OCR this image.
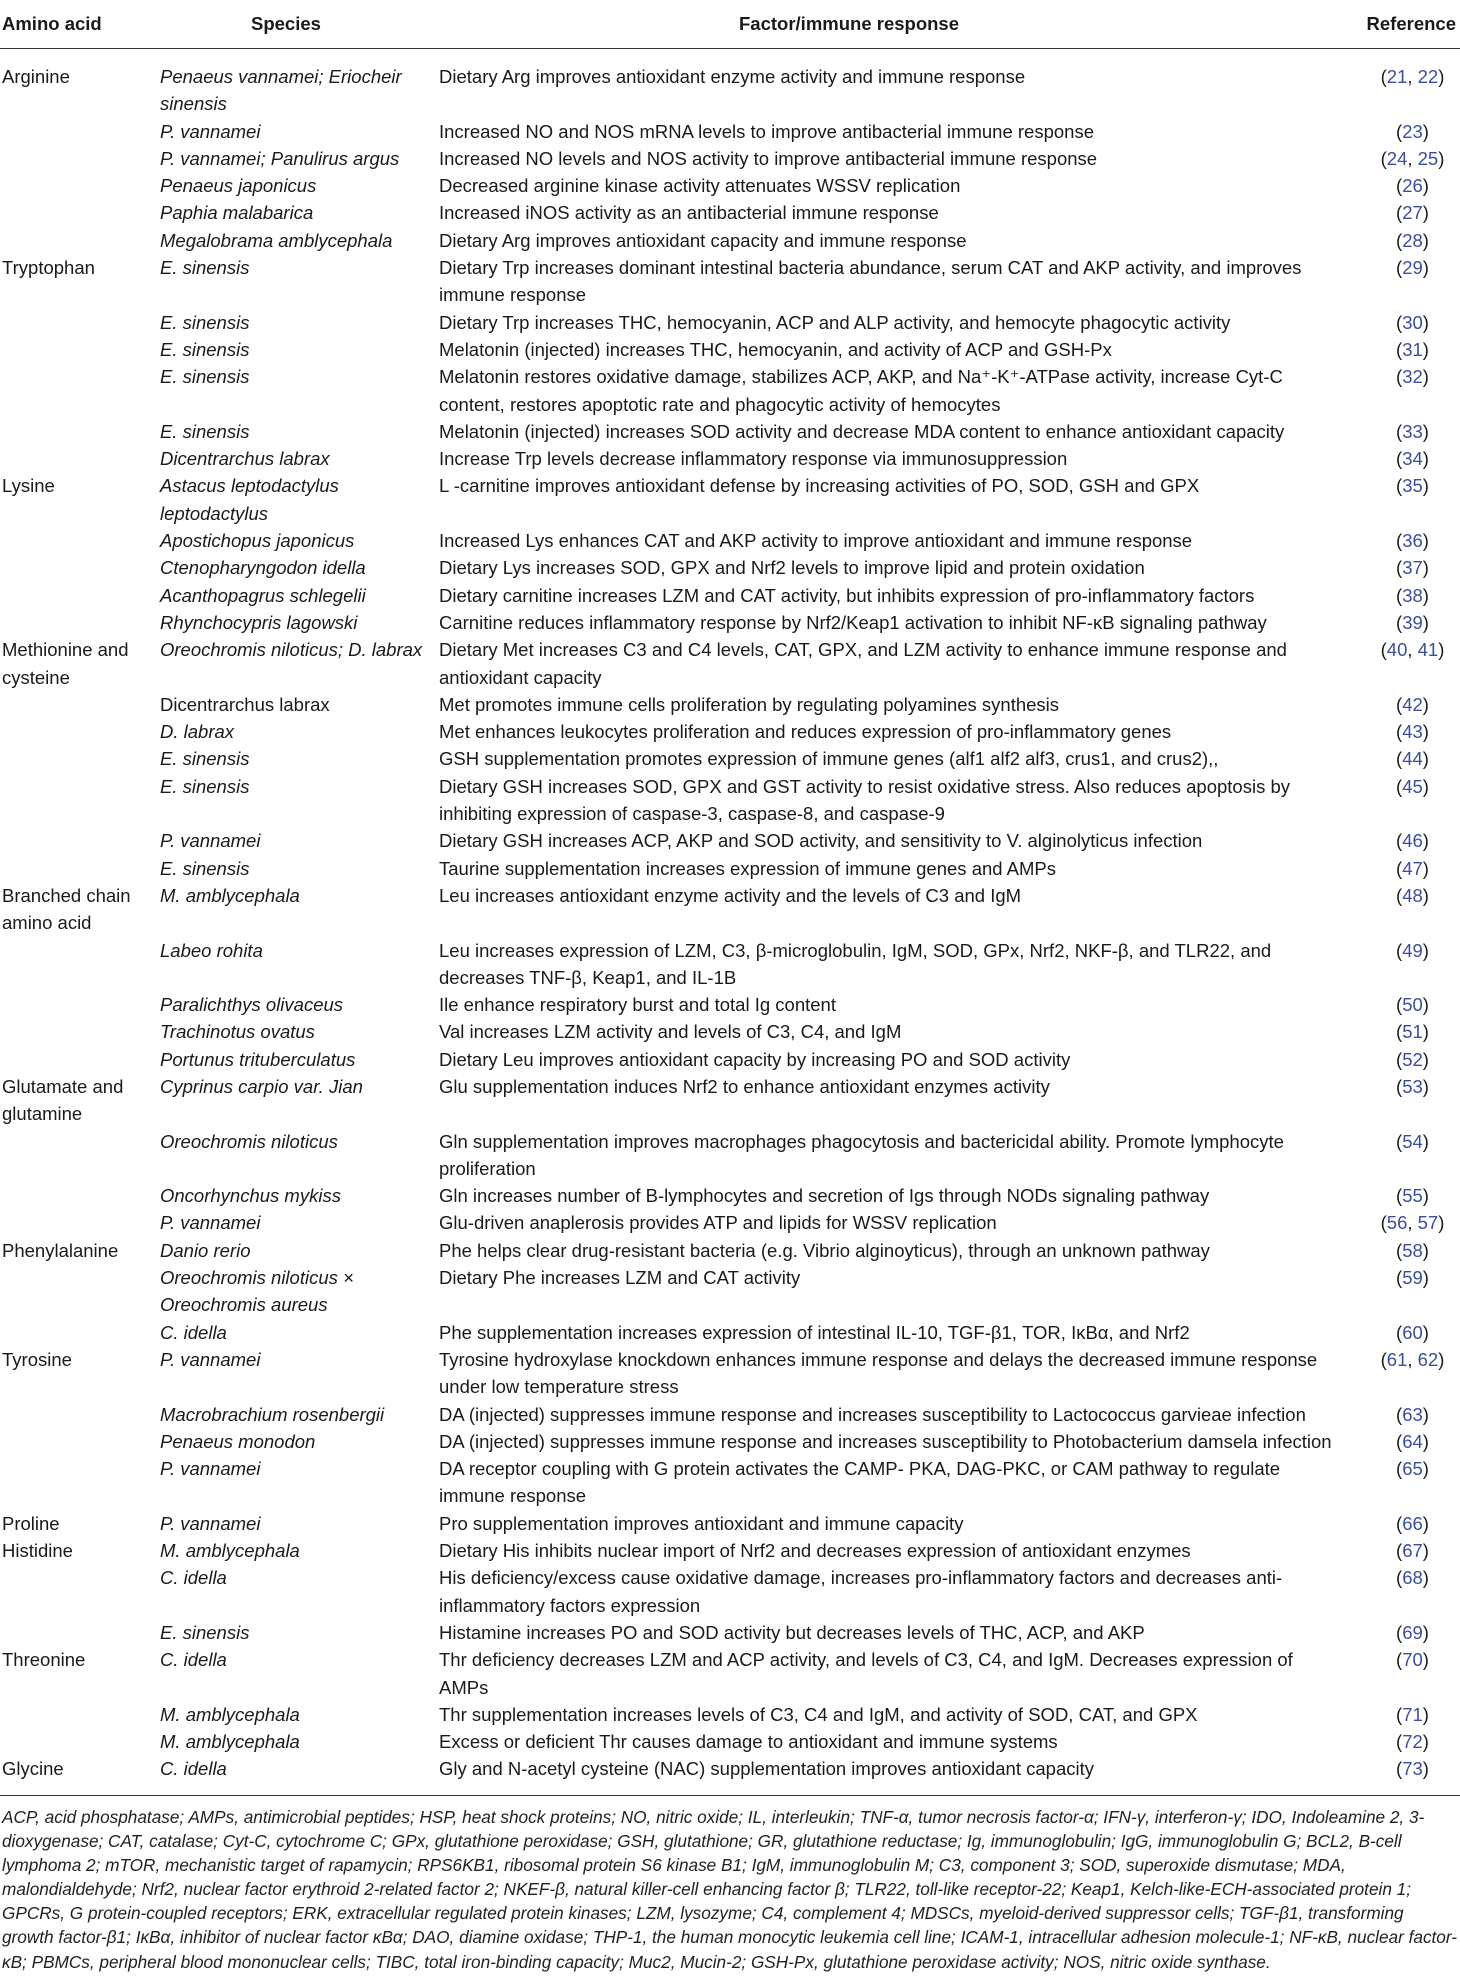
Amino acid	Species	Factor/immune response	Reference
Arginine	Penaeus vannamei; Eriocheir sinensis	Dietary Arg improves antioxidant enzyme activity and immune response	(21, 22)
	P. vannamei	Increased NO and NOS mRNA levels to improve antibacterial immune response	(23)
	P. vannamei; Panulirus argus	Increased NO levels and NOS activity to improve antibacterial immune response	(24, 25)
	Penaeus japonicus	Decreased arginine kinase activity attenuates WSSV replication	(26)
	Paphia malabarica	Increased iNOS activity as an antibacterial immune response	(27)
	Megalobrama amblycephala	Dietary Arg improves antioxidant capacity and immune response	(28)
Tryptophan	E. sinensis	Dietary Trp increases dominant intestinal bacteria abundance, serum CAT and AKP activity, and improves immune response	(29)
	E. sinensis	Dietary Trp increases THC, hemocyanin, ACP and ALP activity, and hemocyte phagocytic activity	(30)
	E. sinensis	Melatonin (injected) increases THC, hemocyanin, and activity of ACP and GSH-Px	(31)
	E. sinensis	Melatonin restores oxidative damage, stabilizes ACP, AKP, and Na⁺-K⁺-ATPase activity, increase Cyt-C content, restores apoptotic rate and phagocytic activity of hemocytes	(32)
	E. sinensis	Melatonin (injected) increases SOD activity and decrease MDA content to enhance antioxidant capacity	(33)
	Dicentrarchus labrax	Increase Trp levels decrease inflammatory response via immunosuppression	(34)
Lysine	Astacus leptodactylus leptodactylus	L -carnitine improves antioxidant defense by increasing activities of PO, SOD, GSH and GPX	(35)
	Apostichopus japonicus	Increased Lys enhances CAT and AKP activity to improve antioxidant and immune response	(36)
	Ctenopharyngodon idella	Dietary Lys increases SOD, GPX and Nrf2 levels to improve lipid and protein oxidation	(37)
	Acanthopagrus schlegelii	Dietary carnitine increases LZM and CAT activity, but inhibits expression of pro-inflammatory factors	(38)
	Rhynchocypris lagowski	Carnitine reduces inflammatory response by Nrf2/Keap1 activation to inhibit NF-κB signaling pathway	(39)
Methionine and cysteine	Oreochromis niloticus; D. labrax	Dietary Met increases C3 and C4 levels, CAT, GPX, and LZM activity to enhance immune response and antioxidant capacity	(40, 41)
	Dicentrarchus labrax	Met promotes immune cells proliferation by regulating polyamines synthesis	(42)
	D. labrax	Met enhances leukocytes proliferation and reduces expression of pro-inflammatory genes	(43)
	E. sinensis	GSH supplementation promotes expression of immune genes (alf1 alf2 alf3, crus1, and crus2),,	(44)
	E. sinensis	Dietary GSH increases SOD, GPX and GST activity to resist oxidative stress. Also reduces apoptosis by inhibiting expression of caspase-3, caspase-8, and caspase-9	(45)
	P. vannamei	Dietary GSH increases ACP, AKP and SOD activity, and sensitivity to V. alginolyticus infection	(46)
	E. sinensis	Taurine supplementation increases expression of immune genes and AMPs	(47)
Branched chain amino acid	M. amblycephala	Leu increases antioxidant enzyme activity and the levels of C3 and IgM	(48)
	Labeo rohita	Leu increases expression of LZM, C3, β-microglobulin, IgM, SOD, GPx, Nrf2, NKF-β, and TLR22, and decreases TNF-β, Keap1, and IL-1B	(49)
	Paralichthys olivaceus	Ile enhance respiratory burst and total Ig content	(50)
	Trachinotus ovatus	Val increases LZM activity and levels of C3, C4, and IgM	(51)
	Portunus trituberculatus	Dietary Leu improves antioxidant capacity by increasing PO and SOD activity	(52)
Glutamate and glutamine	Cyprinus carpio var. Jian	Glu supplementation induces Nrf2 to enhance antioxidant enzymes activity	(53)
	Oreochromis niloticus	Gln supplementation improves macrophages phagocytosis and bactericidal ability. Promote lymphocyte proliferation	(54)
	Oncorhynchus mykiss	Gln increases number of B-lymphocytes and secretion of Igs through NODs signaling pathway	(55)
	P. vannamei	Glu-driven anaplerosis provides ATP and lipids for WSSV replication	(56, 57)
Phenylalanine	Danio rerio	Phe helps clear drug-resistant bacteria (e.g. Vibrio alginoyticus), through an unknown pathway	(58)
	Oreochromis niloticus × Oreochromis aureus	Dietary Phe increases LZM and CAT activity	(59)
	C. idella	Phe supplementation increases expression of intestinal IL-10, TGF-β1, TOR, IκBα, and Nrf2	(60)
Tyrosine	P. vannamei	Tyrosine hydroxylase knockdown enhances immune response and delays the decreased immune response under low temperature stress	(61, 62)
	Macrobrachium rosenbergii	DA (injected) suppresses immune response and increases susceptibility to Lactococcus garvieae infection	(63)
	Penaeus monodon	DA (injected) suppresses immune response and increases susceptibility to Photobacterium damsela infection	(64)
	P. vannamei	DA receptor coupling with G protein activates the CAMP- PKA, DAG-PKC, or CAM pathway to regulate immune response	(65)
Proline	P. vannamei	Pro supplementation improves antioxidant and immune capacity	(66)
Histidine	M. amblycephala	Dietary His inhibits nuclear import of Nrf2 and decreases expression of antioxidant enzymes	(67)
	C. idella	His deficiency/excess cause oxidative damage, increases pro-inflammatory factors and decreases anti-inflammatory factors expression	(68)
	E. sinensis	Histamine increases PO and SOD activity but decreases levels of THC, ACP, and AKP	(69)
Threonine	C. idella	Thr deficiency decreases LZM and ACP activity, and levels of C3, C4, and IgM. Decreases expression of AMPs	(70)
	M. amblycephala	Thr supplementation increases levels of C3, C4 and IgM, and activity of SOD, CAT, and GPX	(71)
	M. amblycephala	Excess or deficient Thr causes damage to antioxidant and immune systems	(72)
Glycine	C. idella	Gly and N-acetyl cysteine (NAC) supplementation improves antioxidant capacity	(73)
ACP, acid phosphatase; AMPs, antimicrobial peptides; HSP, heat shock proteins; NO, nitric oxide; IL, interleukin; TNF-α, tumor necrosis factor-α; IFN-γ, interferon-γ; IDO, Indoleamine 2, 3-dioxygenase; CAT, catalase; Cyt-C, cytochrome C; GPx, glutathione peroxidase; GSH, glutathione; GR, glutathione reductase; Ig, immunoglobulin; IgG, immunoglobulin G; BCL2, B-cell lymphoma 2; mTOR, mechanistic target of rapamycin; RPS6KB1, ribosomal protein S6 kinase B1; IgM, immunoglobulin M; C3, component 3; SOD, superoxide dismutase; MDA, malondialdehyde; Nrf2, nuclear factor erythroid 2-related factor 2; NKEF-β, natural killer-cell enhancing factor β; TLR22, toll-like receptor-22; Keap1, Kelch-like-ECH-associated protein 1; GPCRs, G protein-coupled receptors; ERK, extracellular regulated protein kinases; LZM, lysozyme; C4, complement 4; MDSCs, myeloid-derived suppressor cells; TGF-β1, transforming growth factor-β1; IκBα, inhibitor of nuclear factor κBα; DAO, diamine oxidase; THP-1, the human monocytic leukemia cell line; ICAM-1, intracellular adhesion molecule-1; NF-κB, nuclear factor-κB; PBMCs, peripheral blood mononuclear cells; TIBC, total iron-binding capacity; Muc2, Mucin-2; GSH-Px, glutathione peroxidase activity; NOS, nitric oxide synthase.
